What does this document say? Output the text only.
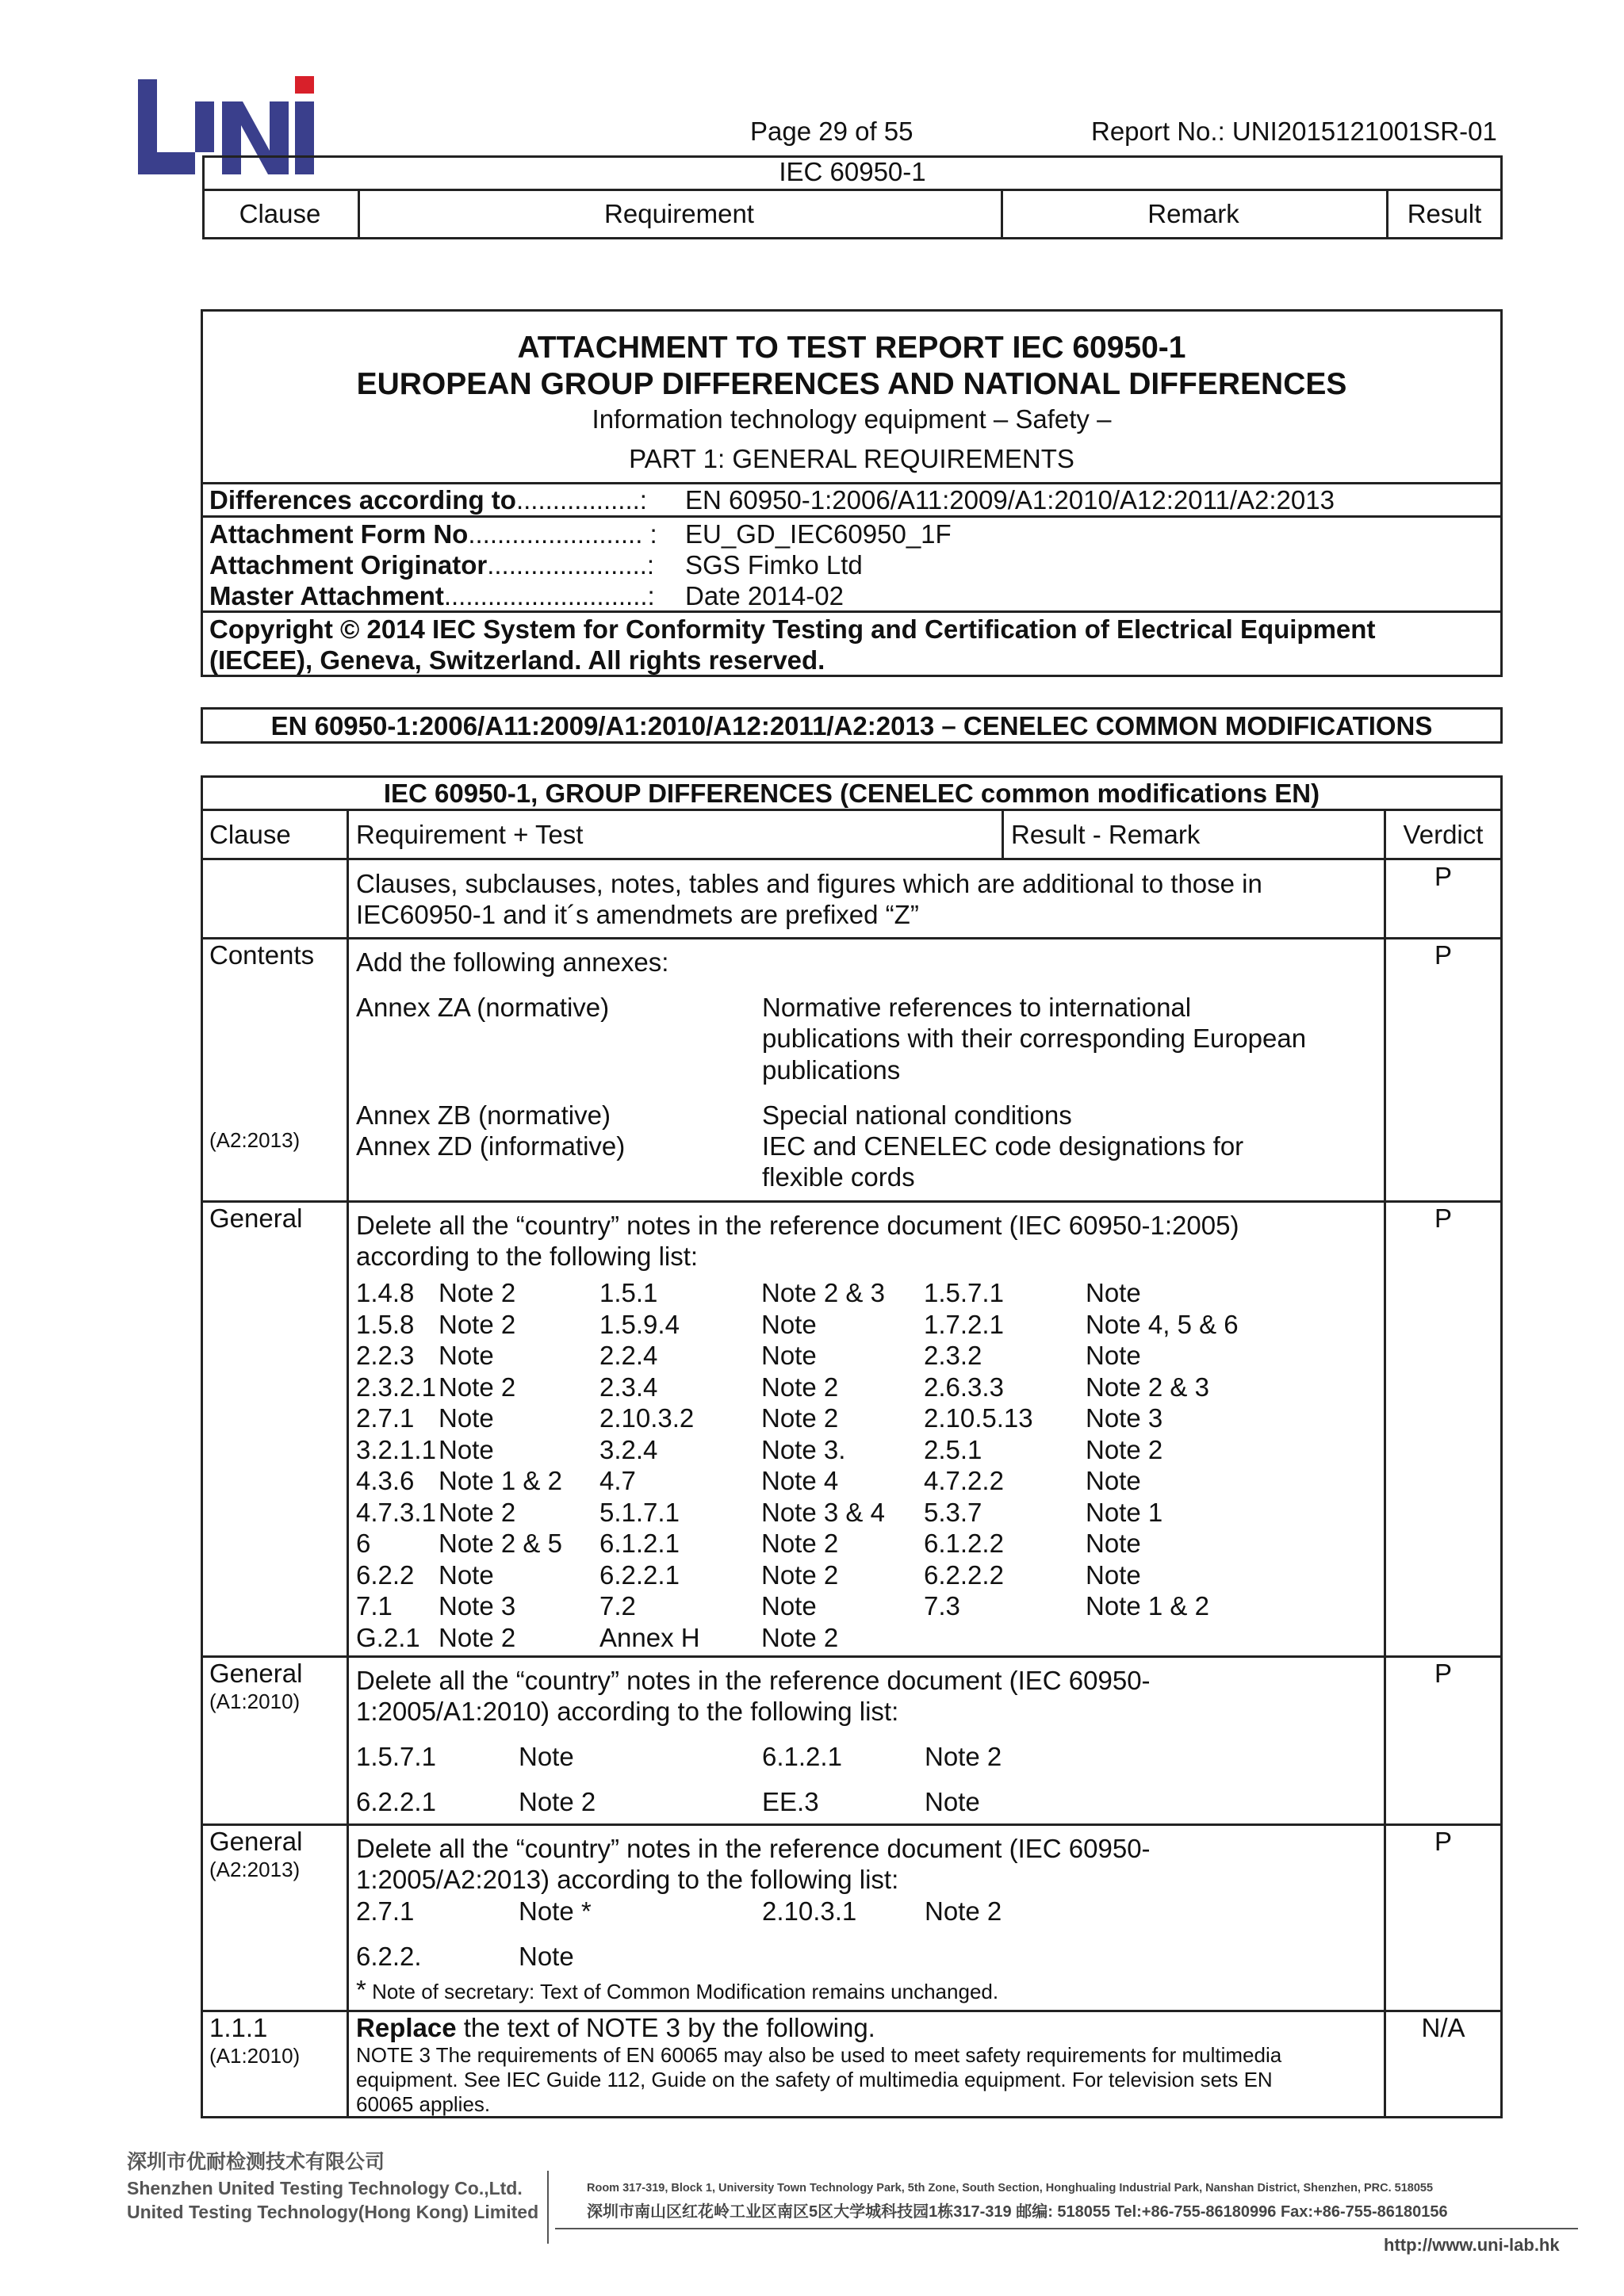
Page 29 of 55	Report No.: UNI2015121001SR-01
IEC 60950-1
Clause	Requirement	Remark	Result
ATTACHMENT TO TEST REPORT IEC 60950-1
EUROPEAN GROUP DIFFERENCES AND NATIONAL DIFFERENCES
Information technology equipment – Safety –
PART 1: GENERAL REQUIREMENTS
Differences according to.................: EN 60950-1:2006/A11:2009/A1:2010/A12:2011/A2:2013
Attachment Form No........................ : EU_GD_IEC60950_1F
Attachment Originator......................: SGS Fimko Ltd
Master Attachment............................: Date 2014-02
Copyright © 2014 IEC System for Conformity Testing and Certification of Electrical Equipment
(IECEE), Geneva, Switzerland. All rights reserved.
EN 60950-1:2006/A11:2009/A1:2010/A12:2011/A2:2013 – CENELEC COMMON MODIFICATIONS
IEC 60950-1, GROUP DIFFERENCES (CENELEC common modifications EN)
Clause Requirement + Test	Result - Remark	Verdict
Clauses, subclauses, notes, tables and figures which are additional to those in
IEC60950-1 and it´s amendmets are prefixed “Z”
P
Contents
(A2:2013)
Add the following annexes:
Annex ZA (normative)	Normative references to international
publications with their corresponding European
publications
Annex ZB (normative)	Special national conditions
Annex ZD (informative)	IEC and CENELEC code designations for
flexible cords
P
General Delete all the “country” notes in the reference document (IEC 60950-1:2005)
according to the following list:
1.4.8 Note 2	1.5.1	Note 2 & 3	1.5.7.1	Note
1.5.8 Note 2	1.5.9.4	Note	1.7.2.1	Note 4, 5 & 6
2.2.3 Note	2.2.4	Note	2.3.2	Note
2.3.2.1 Note 2	2.3.4	Note 2	2.6.3.3	Note 2 & 3
2.7.1 Note	2.10.3.2	Note 2	2.10.5.13	Note 3
3.2.1.1 Note	3.2.4	Note 3.	2.5.1	Note 2
4.3.6 Note 1 & 2	4.7	Note 4	4.7.2.2	Note
4.7.3.1 Note 2	5.1.7.1	Note 3 & 4	5.3.7	Note 1
6	Note 2 & 5	6.1.2.1	Note 2	6.1.2.2	Note
6.2.2 Note	6.2.2.1	Note 2	6.2.2.2	Note
7.1	Note 3	7.2	Note	7.3	Note 1 & 2
G.2.1 Note 2	Annex H	Note 2
P
General
(A1:2010)
Delete all the “country” notes in the reference document (IEC 60950-
1:2005/A1:2010) according to the following list:
1.5.7.1	Note	6.1.2.1	Note 2
6.2.2.1	Note 2	EE.3	Note
P
General
(A2:2013)
Delete all the “country” notes in the reference document (IEC 60950-
1:2005/A2:2013) according to the following list:
2.7.1	Note *	2.10.3.1	Note 2
6.2.2.	Note
* Note of secretary: Text of Common Modification remains unchanged.
P
1.1.1
(A1:2010)
Replace the text of NOTE 3 by the following.
NOTE 3 The requirements of EN 60065 may also be used to meet safety requirements for multimedia
equipment. See IEC Guide 112, Guide on the safety of multimedia equipment. For television sets EN
60065 applies.
N/A
深圳市优耐检测技术有限公司
Shenzhen United Testing Technology Co.,Ltd.
United Testing Technology(Hong Kong) Limited
Room 317-319, Block 1, University Town Technology Park, 5th Zone, South Section, Honghualing Industrial Park, Nanshan District, Shenzhen, PRC. 518055
深圳市南山区红花岭工业区南区5区大学城科技园1栋317-319 邮编: 518055 Tel:+86-755-86180996 Fax:+86-755-86180156
http://www.uni-lab.hk
